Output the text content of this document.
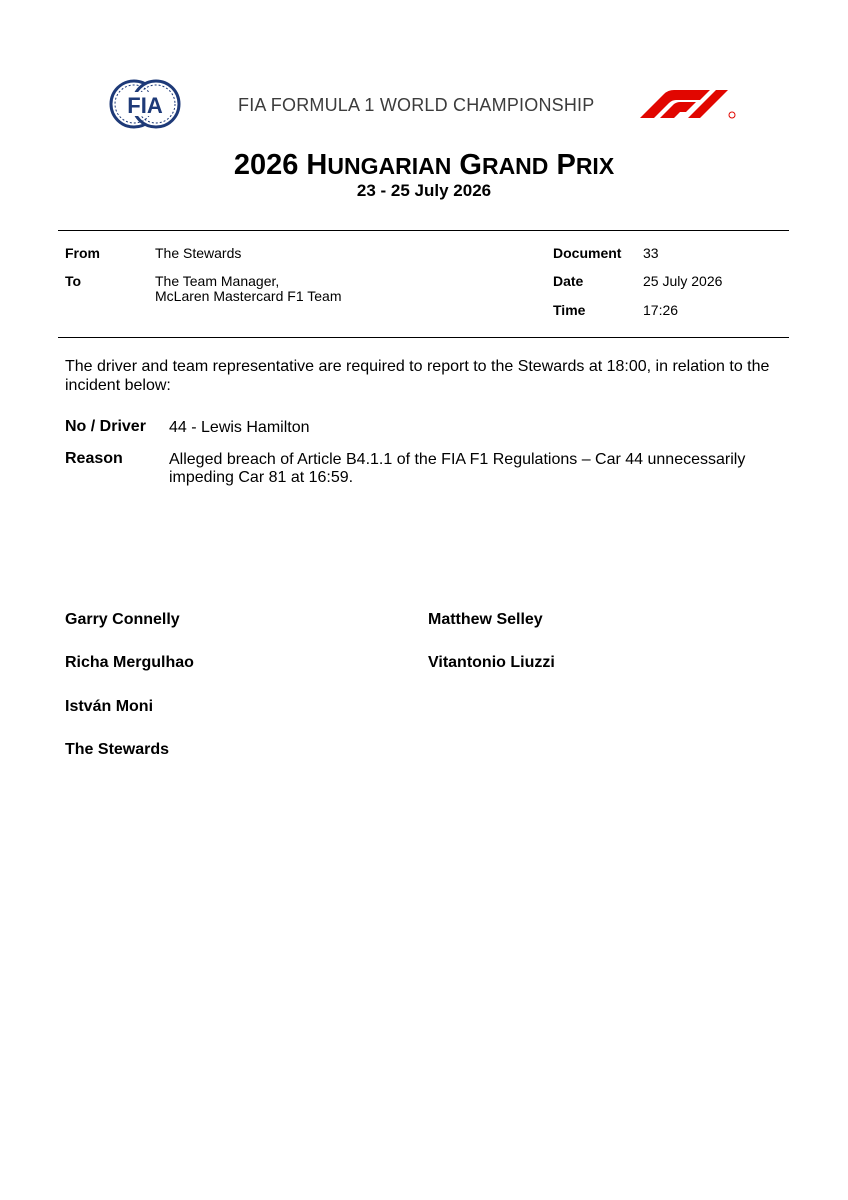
FIA	FIA FORMULA 1 WORLD CHAMPIONSHIP
2026 HUNGARIAN GRAND PRIX
23 - 25 July 2026
From	The Stewards
To	The Team Manager,
McLaren Mastercard F1 Team
Document 33
Date	25 July 2026
Time	17:26
The driver and team representative are required to report to the Stewards at 18:00, in relation to the incident below:
No / Driver 44 - Lewis Hamilton
Reason	Alleged breach of Article B4.1.1 of the FIA F1 Regulations – Car 44 unnecessarily
impeding Car 81 at 16:59.
Garry Connelly
Richa Mergulhao
István Moni
The Stewards
Matthew Selley
Vitantonio Liuzzi
